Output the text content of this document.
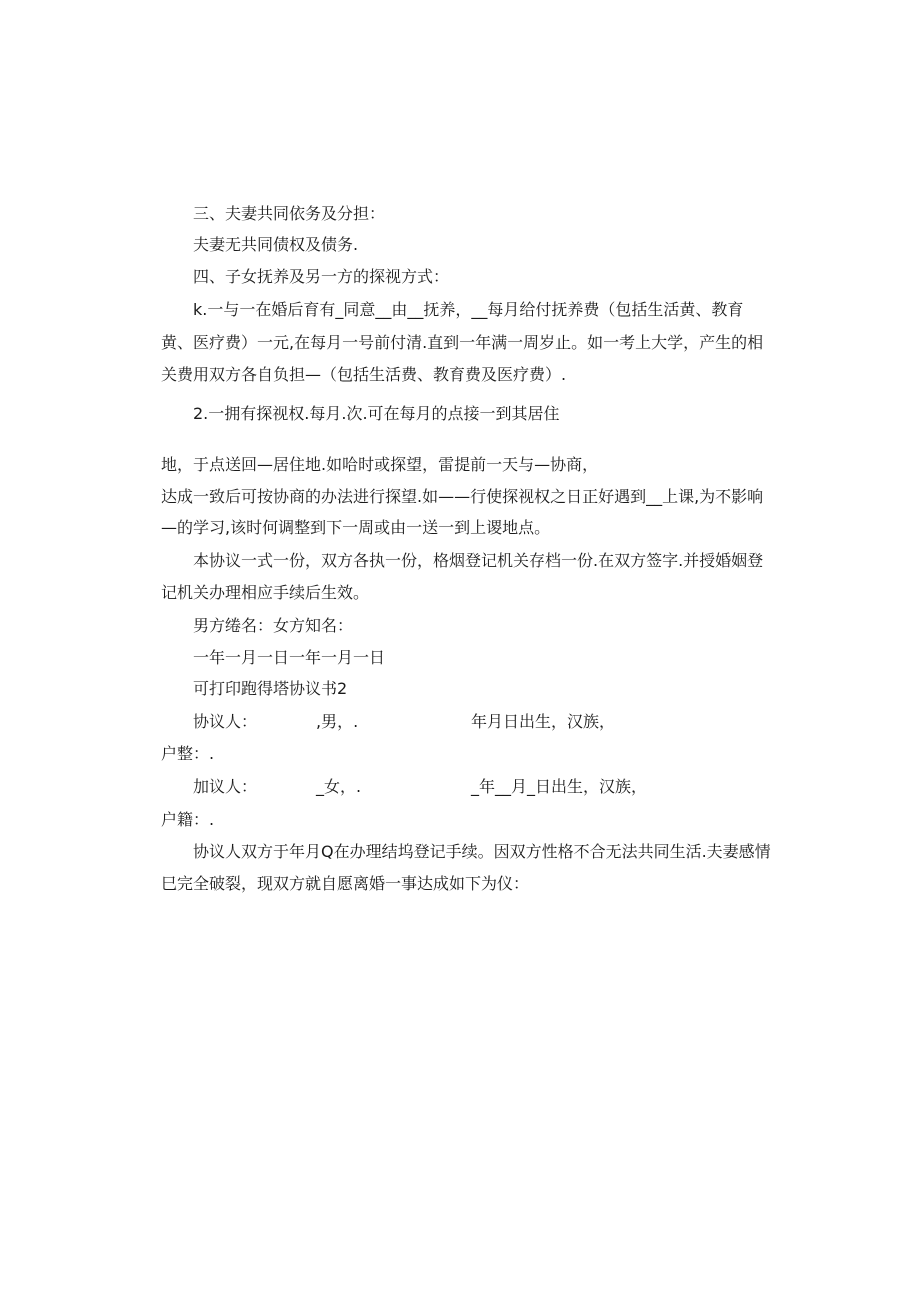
三、夫妻共同依务及分担：
夫妻无共同债权及债务.
四、子女抚养及另一方的探视方式：
k.一与一在婚后育有_同意__由__抚养，__每月给付抚养费（包括生活黄、教育
黄、医疗费）一元,在每月一号前付清.直到一年满一周岁止。如一考上大学，产生的相
关费用双方各自负担—（包括生活费、教育费及医疗费）.
2.一拥有探视权.每月.次.可在每月的点接一到其居住
地，于点送回—居住地.如哈时或探望，雷提前一天与—协商，
达成一致后可按协商的办法进行探望.如——行使探视权之日正好遇到__上课,为不影响
—的学习,该时何调整到下一周或由一送一到上谡地点。
本协议一式一份，双方各执一份，格烟登记机关存档一份.在双方签字.并授婚姻登
记机关办理相应手续后生效。
男方绻名：女方知名：
一年一月一日一年一月一日
可打印跑得塔协议书2
协议人：	,男，.	年月日出生，汉族，
户整：.
加议人：	_女，.	_年__月_日出生，汉族，
户籍：.
协议人双方于年月Q在办理结坞登记手续。因双方性格不合无法共同生活.夫妻感情
巳完全破裂，现双方就自愿离婚一事达成如下为仪：
